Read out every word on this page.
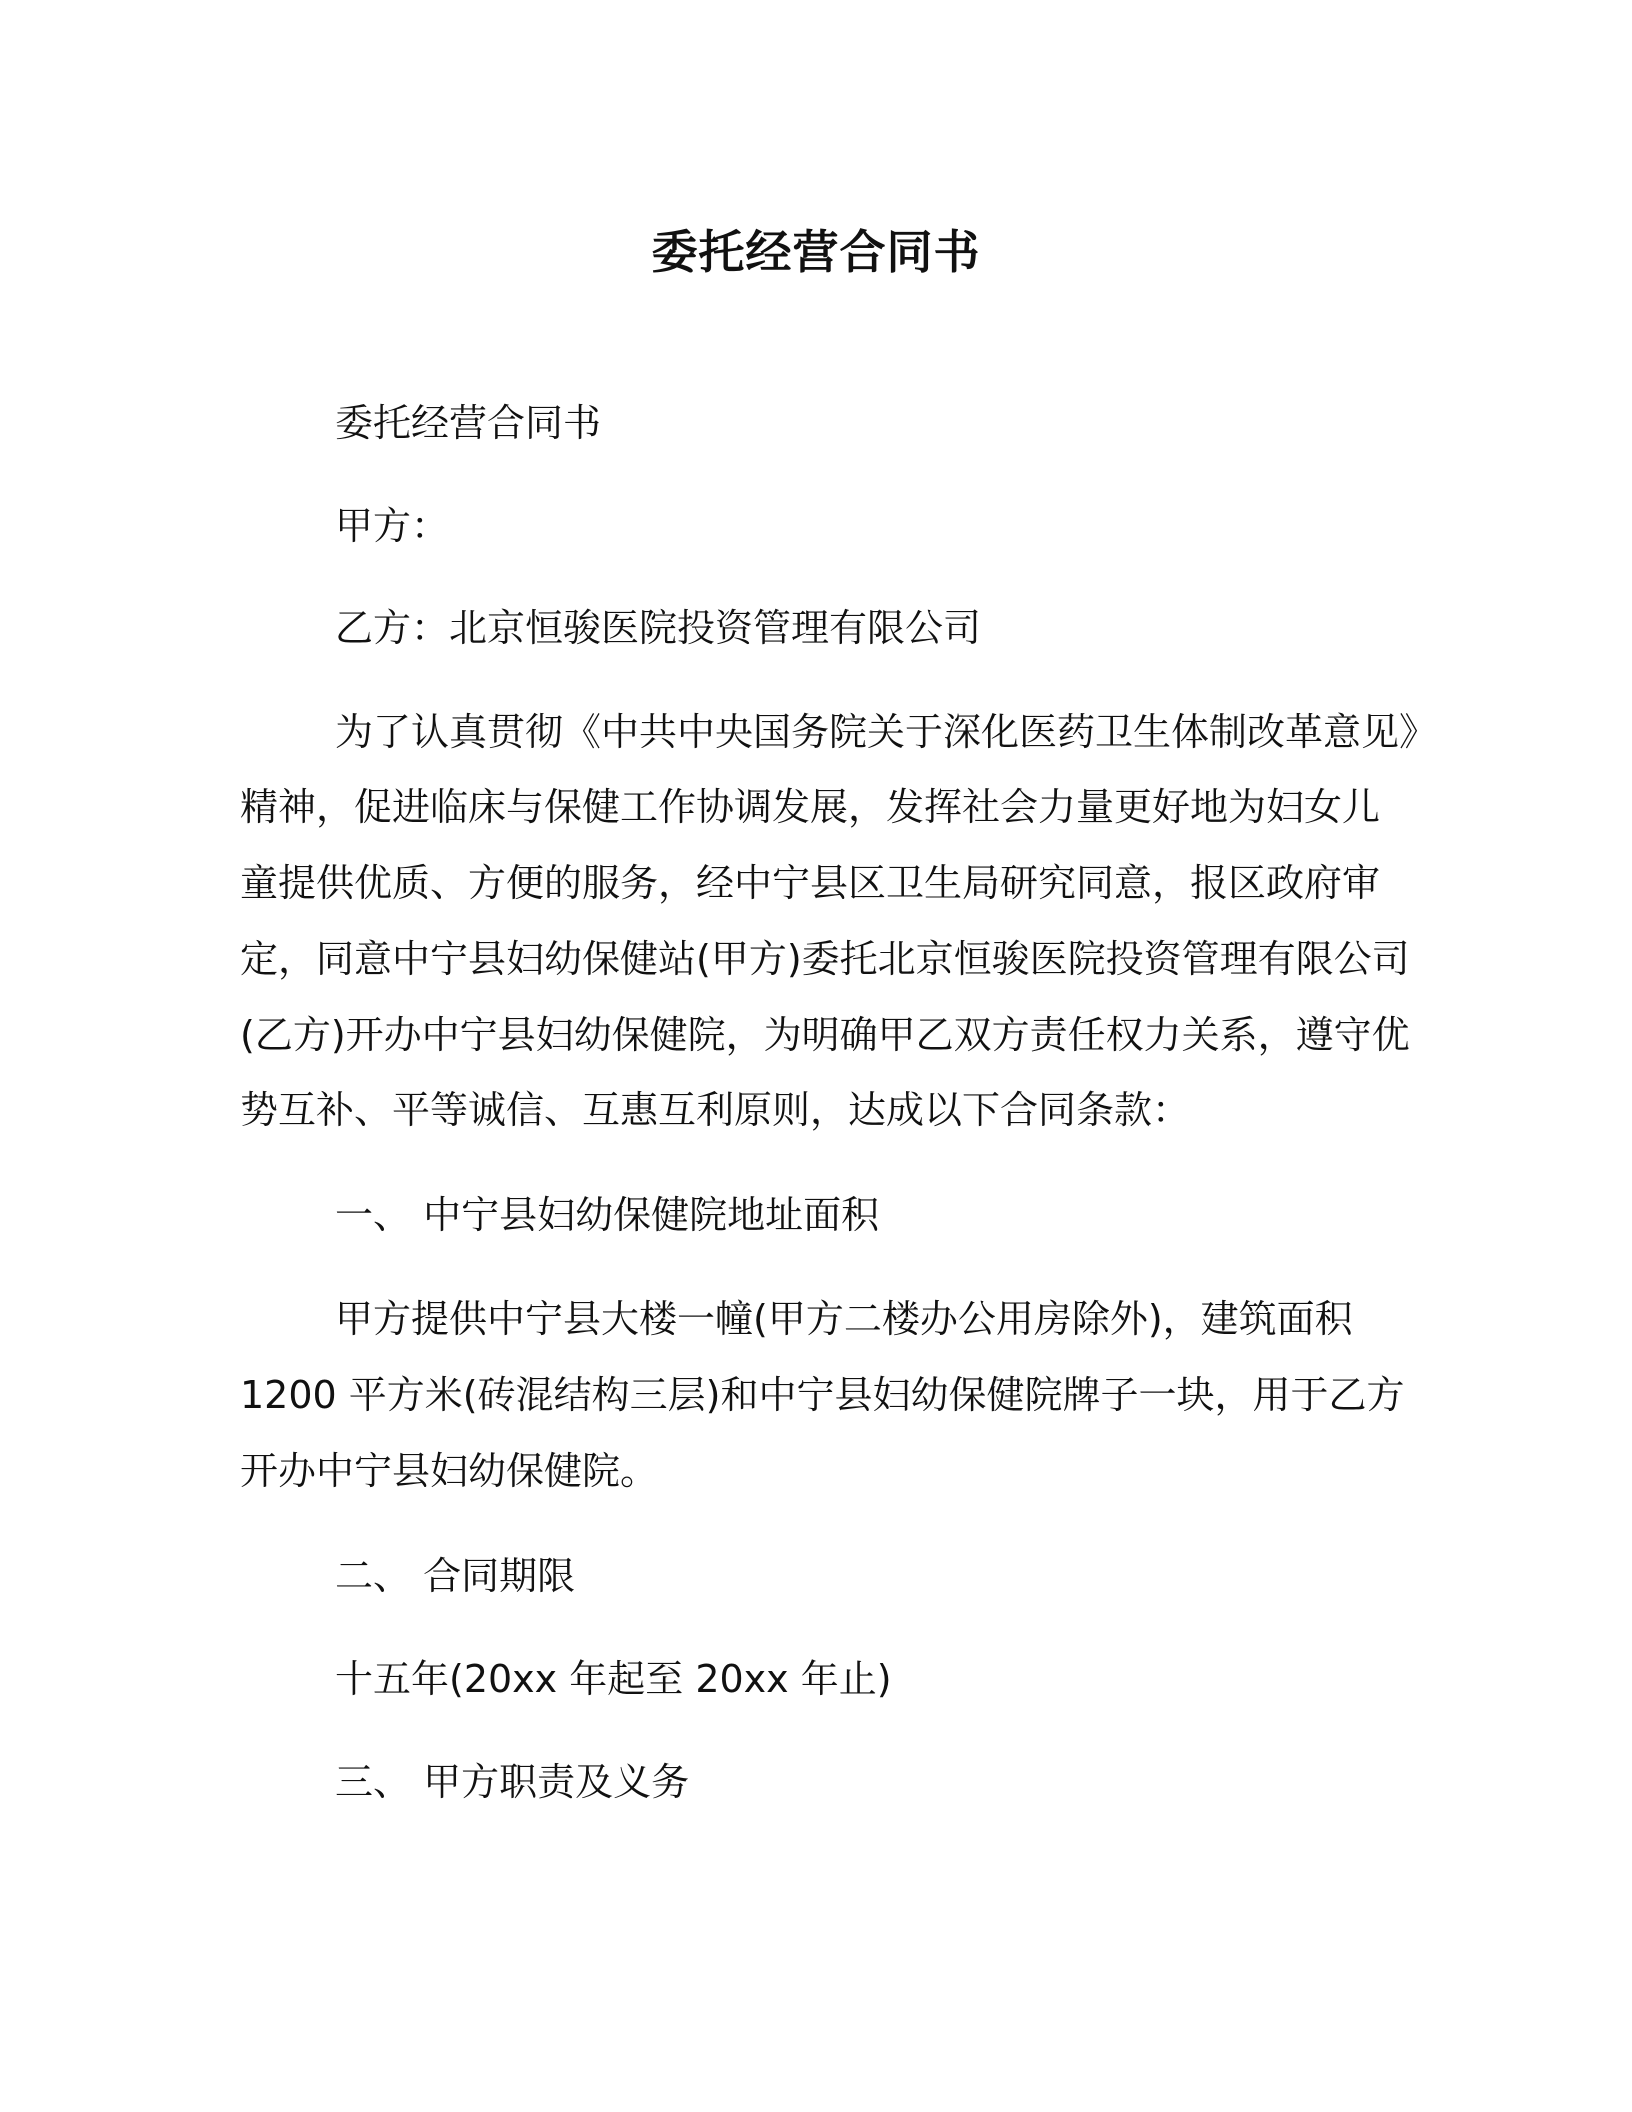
委托经营合同书
委托经营合同书
甲方：
乙方：北京恒骏医院投资管理有限公司
为了认真贯彻《中共中央国务院关于深化医药卫生体制改革意见》
精神，促进临床与保健工作协调发展，发挥社会力量更好地为妇女儿
童提供优质、方便的服务，经中宁县区卫生局研究同意，报区政府审
定，同意中宁县妇幼保健站(甲方)委托北京恒骏医院投资管理有限公司
(乙方)开办中宁县妇幼保健院，为明确甲乙双方责任权力关系，遵守优
势互补、平等诚信、互惠互利原则，达成以下合同条款：
一、 中宁县妇幼保健院地址面积
甲方提供中宁县大楼一幢(甲方二楼办公用房除外)，建筑面积
1200 平方米(砖混结构三层)和中宁县妇幼保健院牌子一块，用于乙方
开办中宁县妇幼保健院。
二、 合同期限
十五年(20xx 年起至 20xx 年止)
三、 甲方职责及义务
